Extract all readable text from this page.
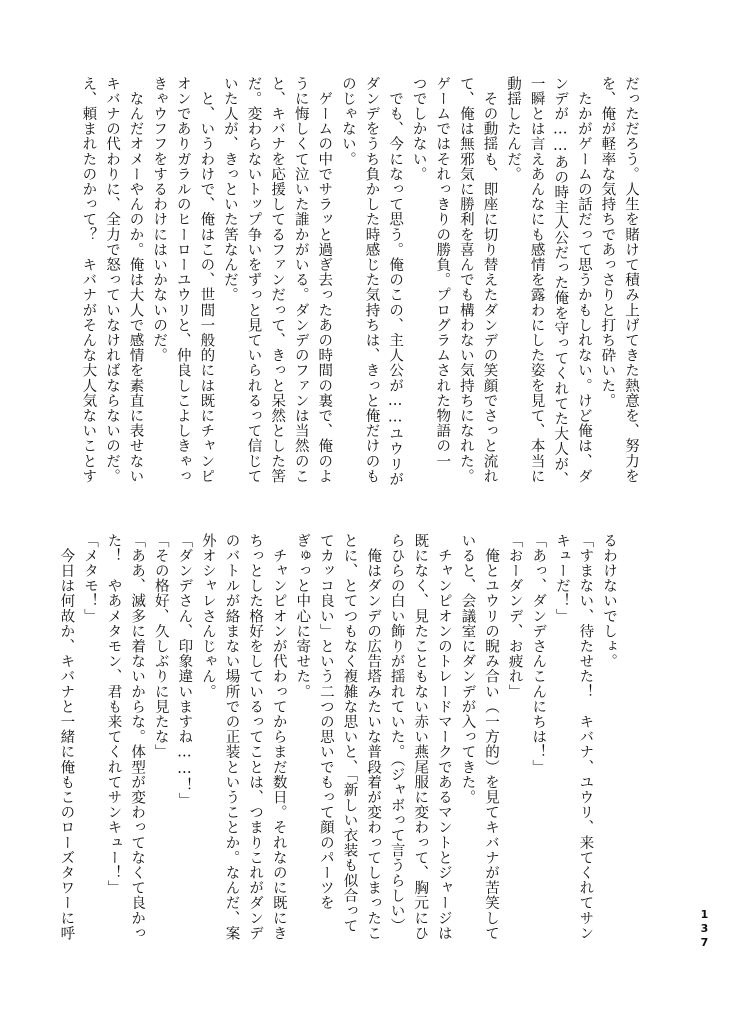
だっただろう。人生を賭けて積み上げてきた熱意を、努力を

を、俺が軽率な気持ちであっさりと打ち砕いた。

　たかがゲームの話だって思うかもしれない。けど俺は、ダ

ンデが……あの時主人公だった俺を守ってくれてた大人が、

一瞬とは言えあんなにも感情を露わにした姿を見て、本当に

動揺したんだ。

　その動揺も、即座に切り替えたダンデの笑顔でさっと流れ

て、俺は無邪気に勝利を喜んでも構わない気持ちになれた。

ゲームではそれっきりの勝負。プログラムされた物語の一

つでしかない。

　でも、今になって思う。俺のこの、主人公が……ユウリが

ダンデをうち負かした時感じた気持ちは、きっと俺だけのも

のじゃない。

　ゲームの中でサラッと過ぎ去ったあの時間の裏で、俺のよ

うに悔しくて泣いた誰かがいる。ダンデのファンは当然のこ

と、キバナを応援してるファンだって、きっと呆然とした筈

だ。変わらないトップ争いをずっと見ていられるって信じて

いた人が、きっといた筈なんだ。

　と、いうわけで、俺はこの、世間一般的には既にチャンピ

オンでありガラルのヒーローユウリと、仲良しこよしきゃっ

きゃウフフをするわけにはいかないのだ。

　なんだオメーやんのか。俺は大人で感情を素直に表せない

キバナの代わりに、全力で怒っていなければならないのだ。

え、頼まれたのかって？　キバナがそんな大人気ないことす

るわけないでしょ。

「すまない、待たせた！　キバナ、ユウリ、来てくれてサン

キューだ！」

「あっ、ダンデさんこんにちは！」

「おーダンデ、お疲れ」

　俺とユウリの睨み合い（一方的）を見てキバナが苦笑して

いると、会議室にダンデが入ってきた。

　チャンピオンのトレードマークであるマントとジャージは

既になく、見たこともない赤い燕尾服に変わって、胸元にひ

らひらの白い飾りが揺れていた。（ジャボって言うらしい）

　俺はダンデの広告塔みたいな普段着が変わってしまったこ

とに、とてつもなく複雑な思いと、「新しい衣装も似合って

てカッコ良い」という二つの思いでもって顔のパーツを

ぎゅっと中心に寄せた。

　チャンピオンが代わってからまだ数日。それなのに既にき

ちっとした格好をしているってことは、つまりこれがダンデ

のバトルが絡まない場所での正装ということか。なんだ、案

外オシャレさんじゃん。

「ダンデさん、印象違いますね……！」

「その格好、久しぶりに見たな」

「ああ、滅多に着ないからな。体型が変わってなくて良かっ

た！　やあメタモン、君も来てくれてサンキュー！」

「メタモ！」

　今日は何故か、キバナと一緒に俺もこのローズタワーに呼	137
